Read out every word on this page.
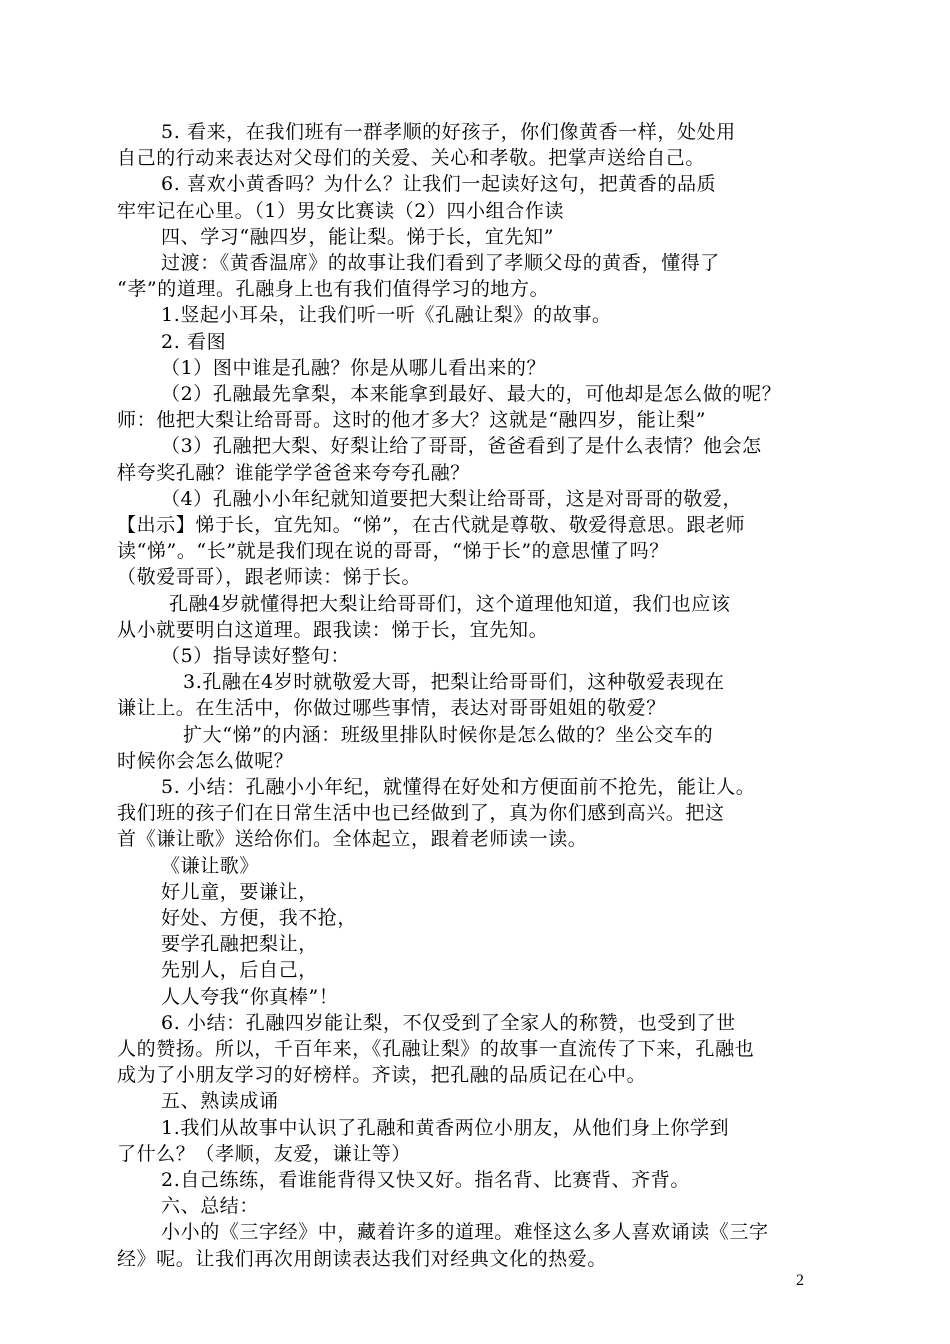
5. 看来，在我们班有一群孝顺的好孩子，你们像黄香一样，处处用
自己的行动来表达对父母们的关爱、关心和孝敬。把掌声送给自己。
6. 喜欢小黄香吗？为什么？让我们一起读好这句，把黄香的品质
牢牢记在心里。（1）男女比赛读（2）四小组合作读
四、学习“融四岁，能让梨。悌于长，宜先知”
过渡：《黄香温席》的故事让我们看到了孝顺父母的黄香，懂得了
“孝”的道理。孔融身上也有我们值得学习的地方。
1.竖起小耳朵，让我们听一听《孔融让梨》的故事。
2. 看图
（1）图中谁是孔融？你是从哪儿看出来的？
（2）孔融最先拿梨，本来能拿到最好、最大的，可他却是怎么做的呢？
师：他把大梨让给哥哥。这时的他才多大？这就是“融四岁，能让梨”
（3）孔融把大梨、好梨让给了哥哥，爸爸看到了是什么表情？他会怎
样夸奖孔融？谁能学学爸爸来夸夸孔融？
（4）孔融小小年纪就知道要把大梨让给哥哥，这是对哥哥的敬爱，
【出示】悌于长，宜先知。“悌”，在古代就是尊敬、敬爱得意思。跟老师
读“悌”。“长”就是我们现在说的哥哥，“悌于长”的意思懂了吗？
（敬爱哥哥），跟老师读：悌于长。
孔融4岁就懂得把大梨让给哥哥们，这个道理他知道，我们也应该
从小就要明白这道理。跟我读：悌于长，宜先知。
（5）指导读好整句：
3.孔融在4岁时就敬爱大哥，把梨让给哥哥们，这种敬爱表现在
谦让上。在生活中，你做过哪些事情，表达对哥哥姐姐的敬爱？
扩大“悌”的内涵：班级里排队时候你是怎么做的？坐公交车的
时候你会怎么做呢？
5. 小结：孔融小小年纪，就懂得在好处和方便面前不抢先，能让人。
我们班的孩子们在日常生活中也已经做到了，真为你们感到高兴。把这
首《谦让歌》送给你们。全体起立，跟着老师读一读。
《谦让歌》
好儿童，要谦让，
好处、方便，我不抢，
要学孔融把梨让，
先别人，后自己，
人人夸我“你真棒”！
6. 小结：孔融四岁能让梨，不仅受到了全家人的称赞，也受到了世
人的赞扬。所以，千百年来，《孔融让梨》的故事一直流传了下来，孔融也
成为了小朋友学习的好榜样。齐读，把孔融的品质记在心中。
五、熟读成诵
1.我们从故事中认识了孔融和黄香两位小朋友，从他们身上你学到
了什么？（孝顺，友爱，谦让等）
2.自己练练，看谁能背得又快又好。指名背、比赛背、齐背。
六、总结：
小小的《三字经》中，藏着许多的道理。难怪这么多人喜欢诵读《三字
经》呢。让我们再次用朗读表达我们对经典文化的热爱。
2
